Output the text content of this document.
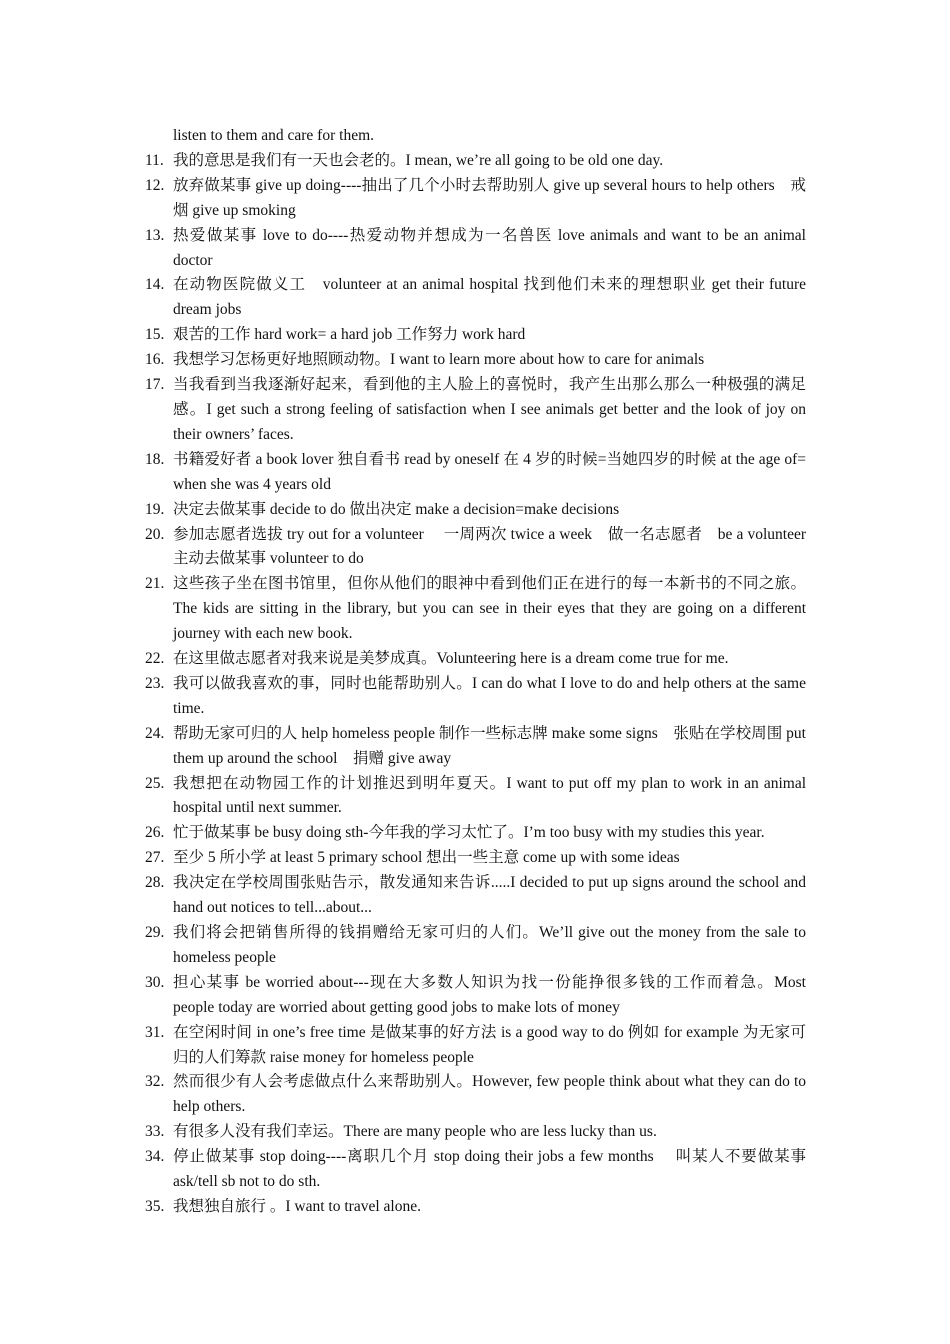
listen to them and care for them.
11. 我的意思是我们有一天也会老的。I mean, we’re all going to be old one day.
12. 放弃做某事 give up doing----抽出了几个小时去帮助别人 give up several hours to help others　戒烟 give up smoking
13. 热爱做某事 love to do----热爱动物并想成为一名兽医 love animals and want to be an animal doctor
14. 在动物医院做义工　volunteer at an animal hospital 找到他们未来的理想职业 get their future dream jobs
15. 艰苦的工作 hard work= a hard job 工作努力 work hard
16. 我想学习怎杨更好地照顾动物。I want to learn more about how to care for animals
17. 当我看到当我逐渐好起来，看到他的主人脸上的喜悦时，我产生出那么那么一种极强的满足感。I get such a strong feeling of satisfaction when I see animals get better and the look of joy on their owners’ faces.
18. 书籍爱好者 a book lover 独自看书 read by oneself 在 4 岁的时候=当她四岁的时候 at the age of= when she was 4 years old
19. 决定去做某事 decide to do 做出决定 make a decision=make decisions
20. 参加志愿者选拔 try out for a volunteer　 一周两次 twice a week　做一名志愿者　be a volunteer　主动去做某事 volunteer to do
21. 这些孩子坐在图书馆里，但你从他们的眼神中看到他们正在进行的每一本新书的不同之旅。The kids are sitting in the library, but you can see in their eyes that they are going on a different journey with each new book.
22. 在这里做志愿者对我来说是美梦成真。Volunteering here is a dream come true for me.
23. 我可以做我喜欢的事，同时也能帮助别人。I can do what I love to do and help others at the same time.
24. 帮助无家可归的人 help homeless people 制作一些标志牌 make some signs　张贴在学校周围 put them up around the school　捐赠 give away
25. 我想把在动物园工作的计划推迟到明年夏天。I want to put off my plan to work in an animal hospital until next summer.
26. 忙于做某事 be busy doing sth-今年我的学习太忙了。I’m too busy with my studies this year.
27. 至少 5 所小学 at least 5 primary school 想出一些主意 come up with some ideas
28. 我决定在学校周围张贴告示，散发通知来告诉.....I decided to put up signs around the school and hand out notices to tell...about...
29. 我们将会把销售所得的钱捐赠给无家可归的人们。We’ll give out the money from the sale to homeless people
30. 担心某事 be worried about---现在大多数人知识为找一份能挣很多钱的工作而着急。Most people today are worried about getting good jobs to make lots of money
31. 在空闲时间 in one’s free time 是做某事的好方法 is a good way to do 例如 for example 为无家可归的人们筹款 raise money for homeless people
32. 然而很少有人会考虑做点什么来帮助别人。However, few people think about what they can do to help others.
33. 有很多人没有我们幸运。There are many people who are less lucky than us.
34. 停止做某事 stop doing----离职几个月 stop doing their jobs a few months　 叫某人不要做某事 ask/tell sb not to do sth.
35. 我想独自旅行 。I want to travel alone.
